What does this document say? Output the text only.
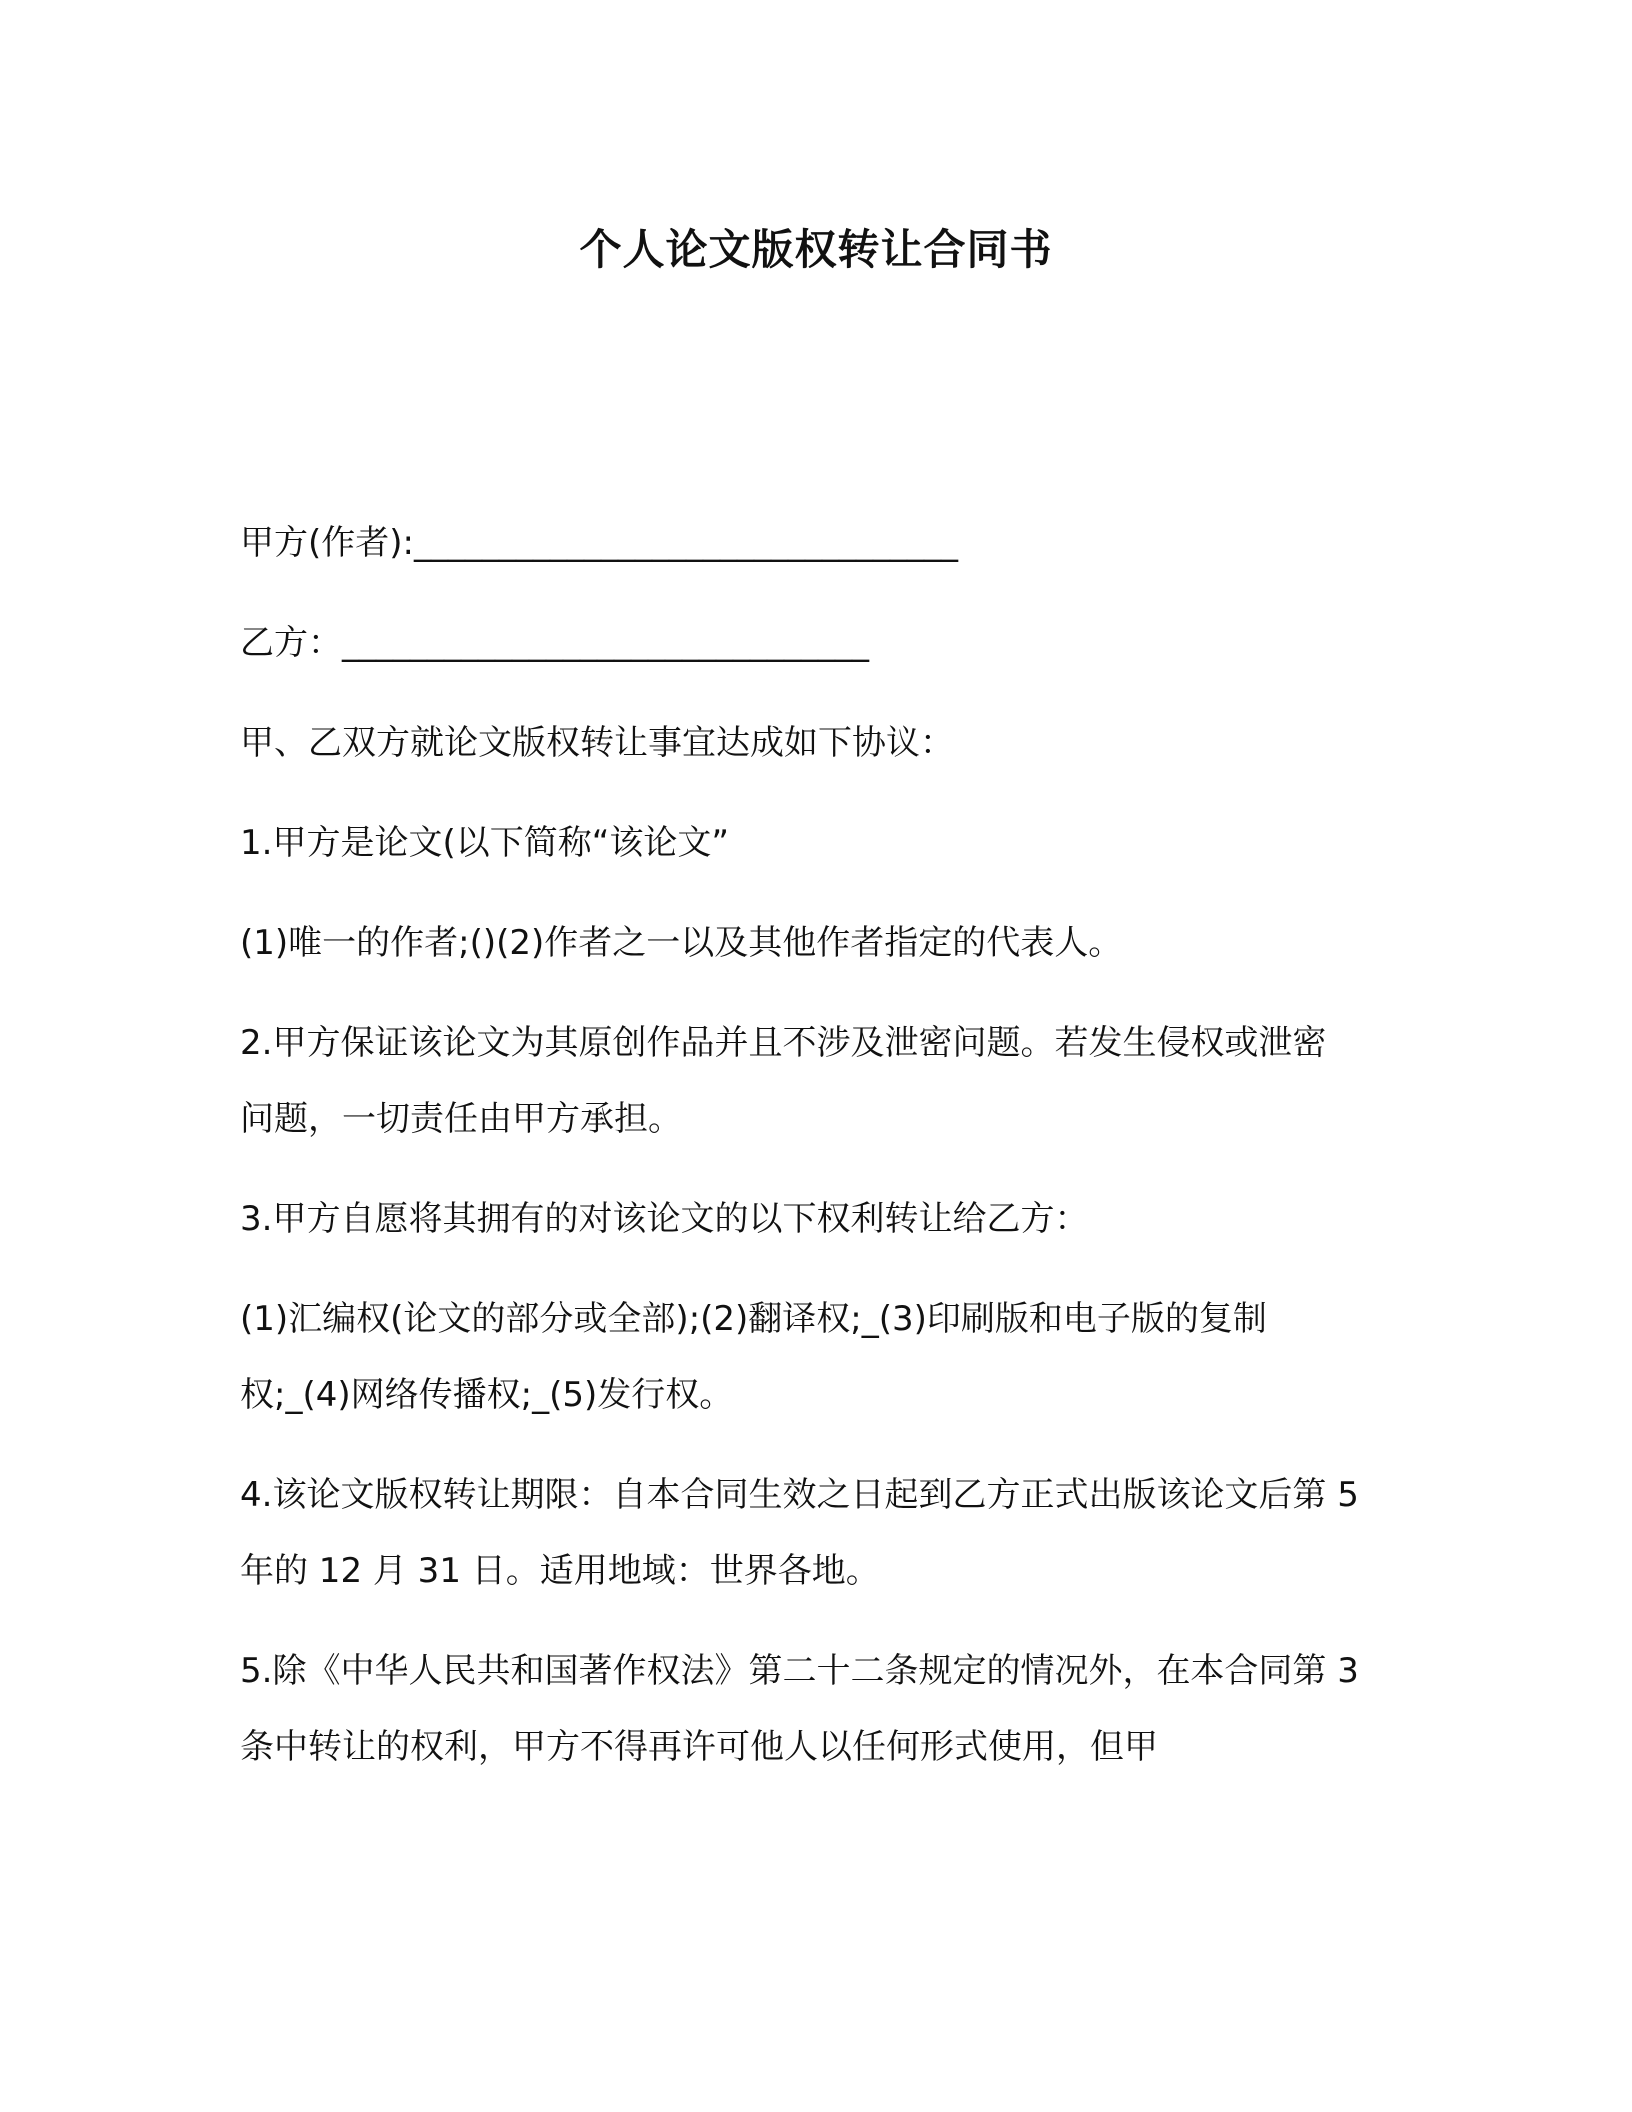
个人论文版权转让合同书

甲方(作者):________________________________

乙方：_______________________________

甲、乙双方就论文版权转让事宜达成如下协议：

1.甲方是论文(以下简称“该论文”

(1)唯一的作者;()(2)作者之一以及其他作者指定的代表人。

2.甲方保证该论文为其原创作品并且不涉及泄密问题。若发生侵权或泄密问题，一切责任由甲方承担。

3.甲方自愿将其拥有的对该论文的以下权利转让给乙方：

(1)汇编权(论文的部分或全部);(2)翻译权;_(3)印刷版和电子版的复制权;_(4)网络传播权;_(5)发行权。

4.该论文版权转让期限：自本合同生效之日起到乙方正式出版该论文后第 5 年的 12 月 31 日。适用地域：世界各地。

5.除《中华人民共和国著作权法》第二十二条规定的情况外，在本合同第 3 条中转让的权利，甲方不得再许可他人以任何形式使用，但甲
